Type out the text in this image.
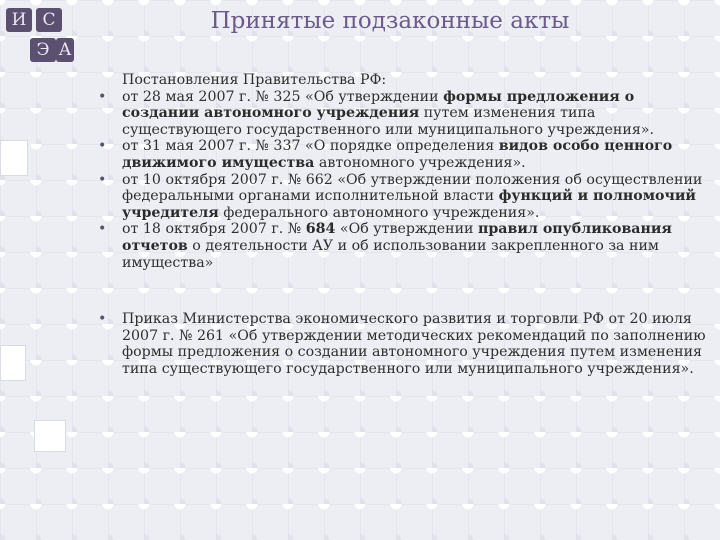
И С
Э А
Принятые подзаконные акты
Постановления Правительства РФ:
• от 28 мая 2007 г. № 325 «Об утверждении формы предложения о создании автономного учреждения путем изменения типа существующего государственного или муниципального учреждения».
• от 31 мая 2007 г. № 337 «О порядке определения видов особо ценного движимого имущества автономного учреждения».
• от 10 октября 2007 г. № 662 «Об утверждении положения об осуществлении федеральными органами исполнительной власти функций и полномочий учредителя федерального автономного учреждения».
• от 18 октября 2007 г. № 684 «Об утверждении правил опубликования отчетов о деятельности АУ и об использовании закрепленного за ним имущества»
• Приказ Министерства экономического развития и торговли РФ от 20 июля 2007 г. № 261 «Об утверждении методических рекомендаций по заполнению формы предложения о создании автономного учреждения путем изменения типа существующего государственного или муниципального учреждения».
